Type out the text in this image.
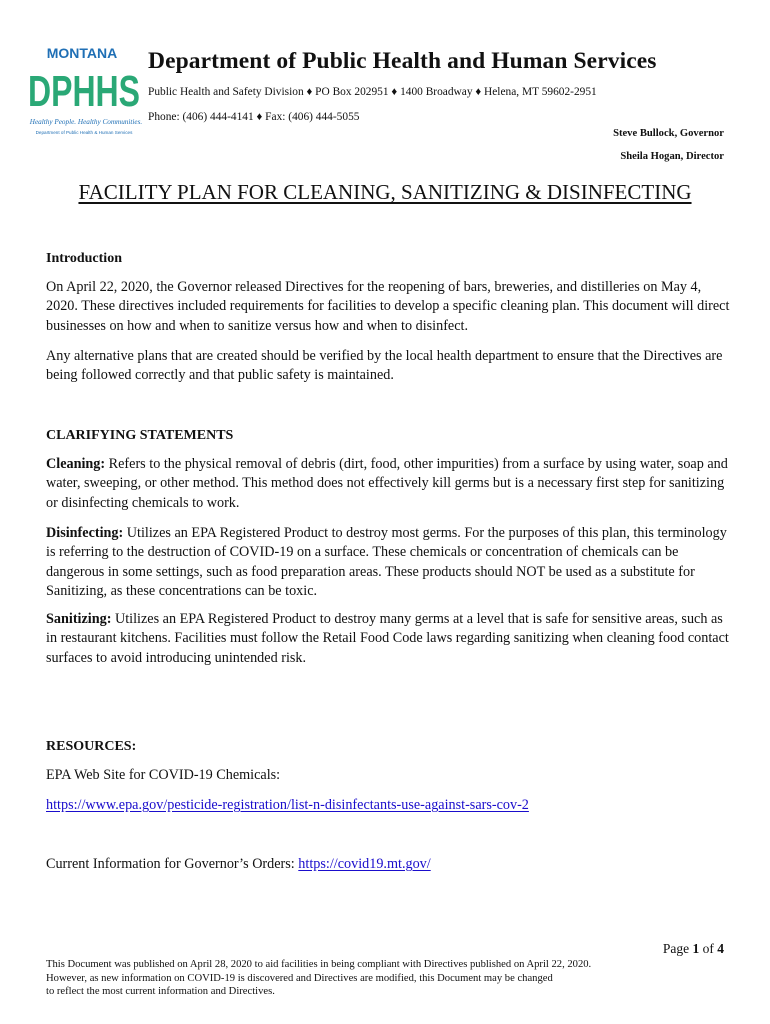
MONTANA
DPHHS
Healthy People. Healthy Communities.
Department of Public Health & Human Services
Department of Public Health and Human Services
Public Health and Safety Division ♦ PO Box 202951 ♦ 1400 Broadway ♦ Helena, MT 59602-2951
Phone: (406) 444-4141 ♦ Fax: (406) 444-5055
Steve Bullock, Governor
Sheila Hogan, Director
FACILITY PLAN FOR CLEANING, SANITIZING & DISINFECTING
Introduction
On April 22, 2020, the Governor released Directives for the reopening of bars, breweries, and distilleries on May 4, 2020. These directives included requirements for facilities to develop a specific cleaning plan. This document will direct businesses on how and when to sanitize versus how and when to disinfect.
Any alternative plans that are created should be verified by the local health department to ensure that the Directives are being followed correctly and that public safety is maintained.
CLARIFYING STATEMENTS
Cleaning: Refers to the physical removal of debris (dirt, food, other impurities) from a surface by using water, soap and water, sweeping, or other method. This method does not effectively kill germs but is a necessary first step for sanitizing or disinfecting chemicals to work.
Disinfecting: Utilizes an EPA Registered Product to destroy most germs. For the purposes of this plan, this terminology is referring to the destruction of COVID-19 on a surface. These chemicals or concentration of chemicals can be dangerous in some settings, such as food preparation areas. These products should NOT be used as a substitute for Sanitizing, as these concentrations can be toxic.
Sanitizing: Utilizes an EPA Registered Product to destroy many germs at a level that is safe for sensitive areas, such as in restaurant kitchens. Facilities must follow the Retail Food Code laws regarding sanitizing when cleaning food contact surfaces to avoid introducing unintended risk.
RESOURCES:
EPA Web Site for COVID-19 Chemicals:
https://www.epa.gov/pesticide-registration/list-n-disinfectants-use-against-sars-cov-2
Current Information for Governor’s Orders: https://covid19.mt.gov/
Page 1 of 4
This Document was published on April 28, 2020 to aid facilities in being compliant with Directives published on April 22, 2020.
However, as new information on COVID-19 is discovered and Directives are modified, this Document may be changed
to reflect the most current information and Directives.
